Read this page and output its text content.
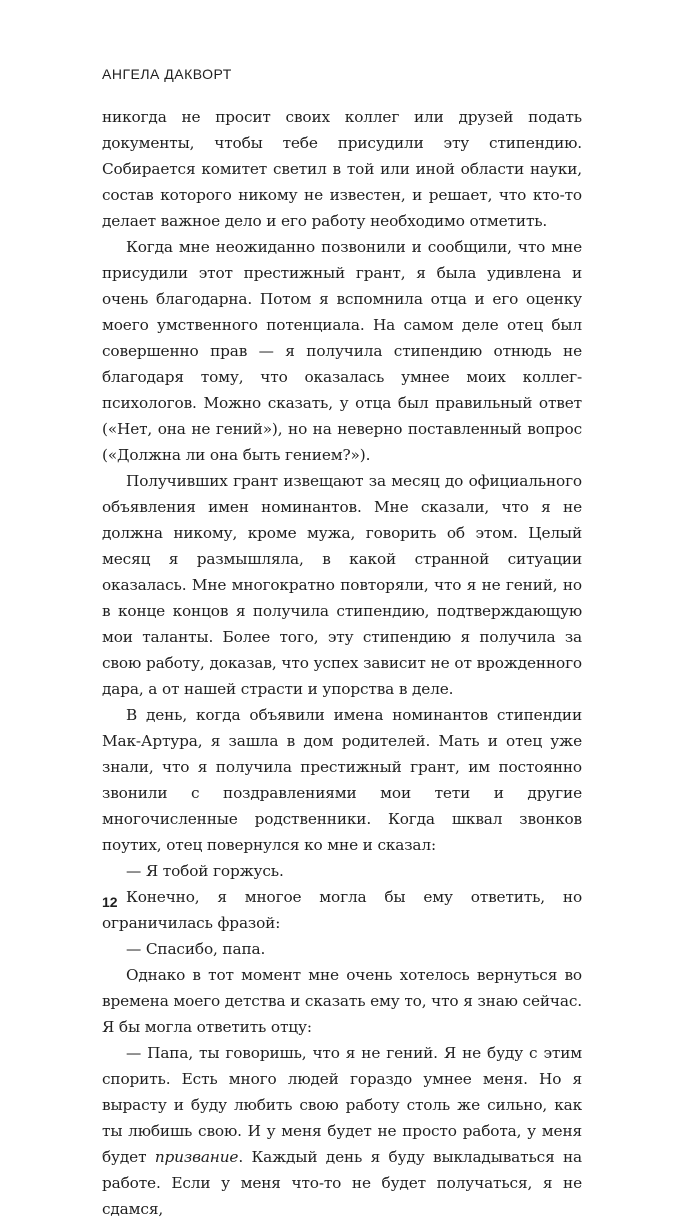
АНГЕЛА ДАКВОРТ

никогда не просит своих коллег или друзей подать документы, чтобы тебе присудили эту стипендию. Собирается комитет светил в той или иной области науки, состав которого никому не известен, и решает, что кто-то делает важное дело и его работу необходимо отметить.

Когда мне неожиданно позвонили и сообщили, что мне присудили этот престижный грант, я была удивлена и очень благодарна. Потом я вспомнила отца и его оценку моего умственного потенциала. На самом деле отец был совершенно прав — я получила стипендию отнюдь не благодаря тому, что оказалась умнее моих коллег-психологов. Можно сказать, у отца был правильный ответ («Нет, она не гений»), но на неверно поставленный вопрос («Должна ли она быть гением?»).

Получивших грант извещают за месяц до официального объявления имен номинантов. Мне сказали, что я не должна никому, кроме мужа, говорить об этом. Целый месяц я размышляла, в какой странной ситуации оказалась. Мне многократно повторяли, что я не гений, но в конце концов я получила стипендию, подтверждающую мои таланты. Более того, эту стипендию я получила за свою работу, доказав, что успех зависит не от врожденного дара, а от нашей страсти и упорства в деле.

В день, когда объявили имена номинантов стипендии Мак-Артура, я зашла в дом родителей. Мать и отец уже знали, что я получила престижный грант, им постоянно звонили с поздравлениями мои тети и другие многочисленные родственники. Когда шквал звонков поутих, отец повернулся ко мне и сказал:

— Я тобой горжусь.

Конечно, я многое могла бы ему ответить, но ограничилась фразой:

— Спасибо, папа.

Однако в тот момент мне очень хотелось вернуться во времена моего детства и сказать ему то, что я знаю сейчас. Я бы могла ответить отцу:

— Папа, ты говоришь, что я не гений. Я не буду с этим спорить. Есть много людей гораздо умнее меня. Но я вырасту и буду любить свою работу столь же сильно, как ты любишь свою. И у меня будет не просто работа, у меня будет призвание. Каждый день я буду выкладываться на работе. Если у меня что-то не будет получаться, я не сдамся,

12
